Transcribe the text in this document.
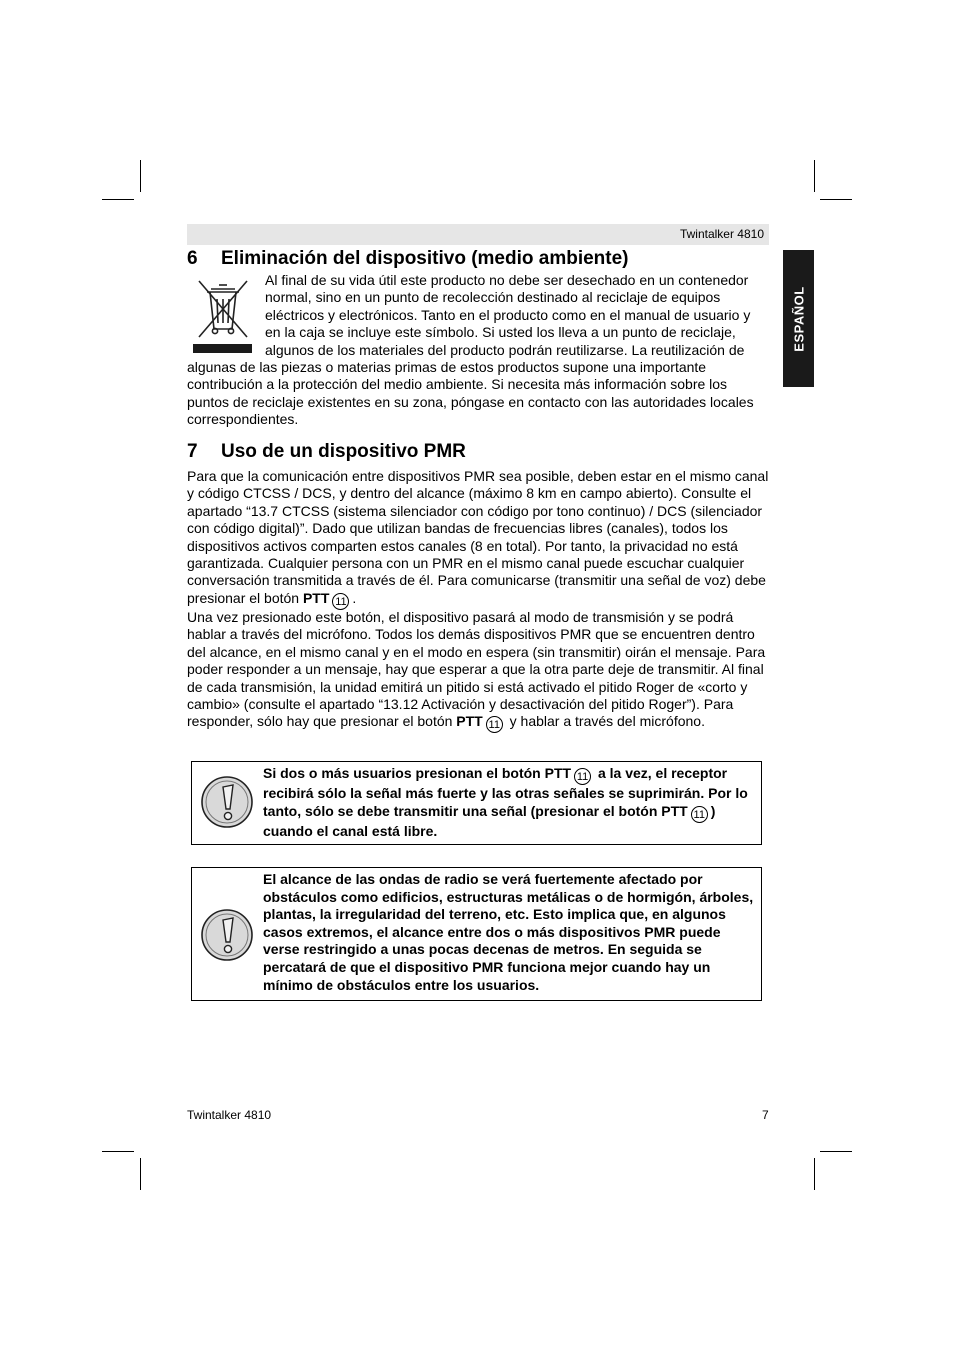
Twintalker 4810
ESPAÑOL
6 Eliminación del dispositivo (medio ambiente)

Al final de su vida útil este producto no debe ser desechado en un contenedor normal, sino en un punto de recolección destinado al reciclaje de equipos eléctricos y electrónicos. Tanto en el producto como en el manual de usuario y en la caja se incluye este símbolo. Si usted los lleva a un punto de reciclaje, algunos de los materiales del producto podrán reutilizarse. La reutilización de algunas de las piezas o materias primas de estos productos supone una importante contribución a la protección del medio ambiente. Si necesita más información sobre los puntos de reciclaje existentes en su zona, póngase en contacto con las autoridades locales correspondientes.

7 Uso de un dispositivo PMR

Para que la comunicación entre dispositivos PMR sea posible, deben estar en el mismo canal y código CTCSS / DCS, y dentro del alcance (máximo 8 km en campo abierto). Consulte el apartado “13.7 CTCSS (sistema silenciador con código por tono continuo) / DCS (silenciador con código digital)”. Dado que utilizan bandas de frecuencias libres (canales), todos los dispositivos activos comparten estos canales (8 en total). Por tanto, la privacidad no está garantizada. Cualquier persona con un PMR en el mismo canal puede escuchar cualquier conversación transmitida a través de él. Para comunicarse (transmitir una señal de voz) debe presionar el botón PTT 11 .

Una vez presionado este botón, el dispositivo pasará al modo de transmisión y se podrá hablar a través del micrófono. Todos los demás dispositivos PMR que se encuentren dentro del alcance, en el mismo canal y en el modo en espera (sin transmitir) oirán el mensaje. Para poder responder a un mensaje, hay que esperar a que la otra parte deje de transmitir. Al final de cada transmisión, la unidad emitirá un pitido si está activado el pitido Roger de «corto y cambio» (consulte el apartado “13.12 Activación y desactivación del pitido Roger”). Para responder, sólo hay que presionar el botón PTT 11 y hablar a través del micrófono.

Si dos o más usuarios presionan el botón PTT 11 a la vez, el receptor recibirá sólo la señal más fuerte y las otras señales se suprimirán. Por lo tanto, sólo se debe transmitir una señal (presionar el botón PTT 11 ) cuando el canal está libre.

El alcance de las ondas de radio se verá fuertemente afectado por obstáculos como edificios, estructuras metálicas o de hormigón, árboles, plantas, la irregularidad del terreno, etc. Esto implica que, en algunos casos extremos, el alcance entre dos o más dispositivos PMR puede verse restringido a unas pocas decenas de metros. En seguida se percatará de que el dispositivo PMR funciona mejor cuando hay un mínimo de obstáculos entre los usuarios.

Twintalker 4810	7
